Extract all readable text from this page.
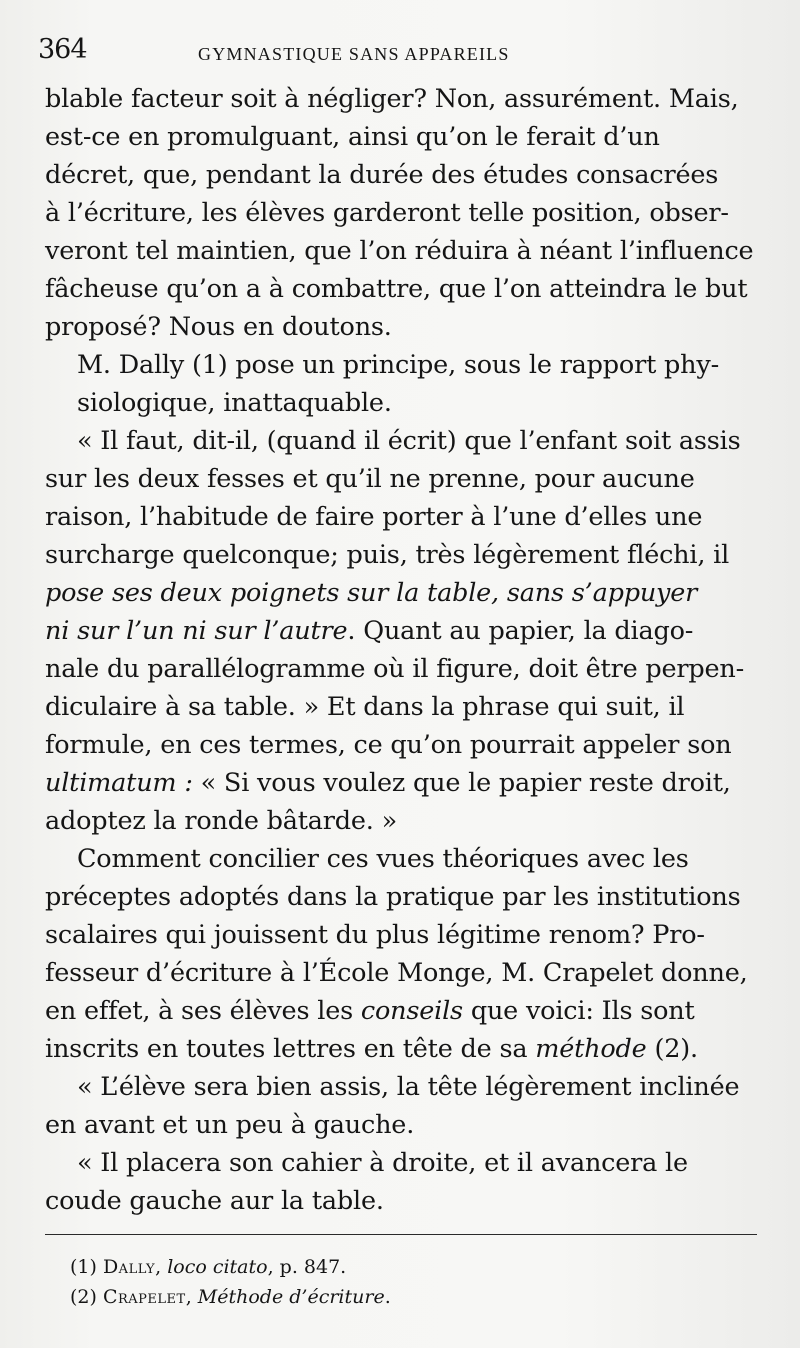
364	GYMNASTIQUE SANS APPAREILS

blable facteur soit à négliger? Non, assurément. Mais,
est-ce en promulguant, ainsi qu’on le ferait d’un
décret, que, pendant la durée des études consacrées
à l’écriture, les élèves garderont telle position, obser-
veront tel maintien, que l’on réduira à néant l’influence
fâcheuse qu’on a à combattre, que l’on atteindra le but
proposé? Nous en doutons.

M. Dally (1) pose un principe, sous le rapport phy-
siologique, inattaquable.

« Il faut, dit-il, (quand il écrit) que l’enfant soit assis
sur les deux fesses et qu’il ne prenne, pour aucune
raison, l’habitude de faire porter à l’une d’elles une
surcharge quelconque; puis, très légèrement fléchi, il
pose ses deux poignets sur la table, sans s’appuyer
ni sur l’un ni sur l’autre. Quant au papier, la diago-
nale du parallélogramme où il figure, doit être perpen-
diculaire à sa table. » Et dans la phrase qui suit, il
formule, en ces termes, ce qu’on pourrait appeler son
ultimatum : « Si vous voulez que le papier reste droit,
adoptez la ronde bâtarde. »

Comment concilier ces vues théoriques avec les
préceptes adoptés dans la pratique par les institutions
scalaires qui jouissent du plus légitime renom? Pro-
fesseur d’écriture à l’École Monge, M. Crapelet donne,
en effet, à ses élèves les conseils que voici: Ils sont
inscrits en toutes lettres en tête de sa méthode (2).

« L’élève sera bien assis, la tête légèrement inclinée
en avant et un peu à gauche.

« Il placera son cahier à droite, et il avancera le
coude gauche aur la table.

(1) Dally, loco citato, p. 847.
(2) Crapelet, Méthode d’écriture.
